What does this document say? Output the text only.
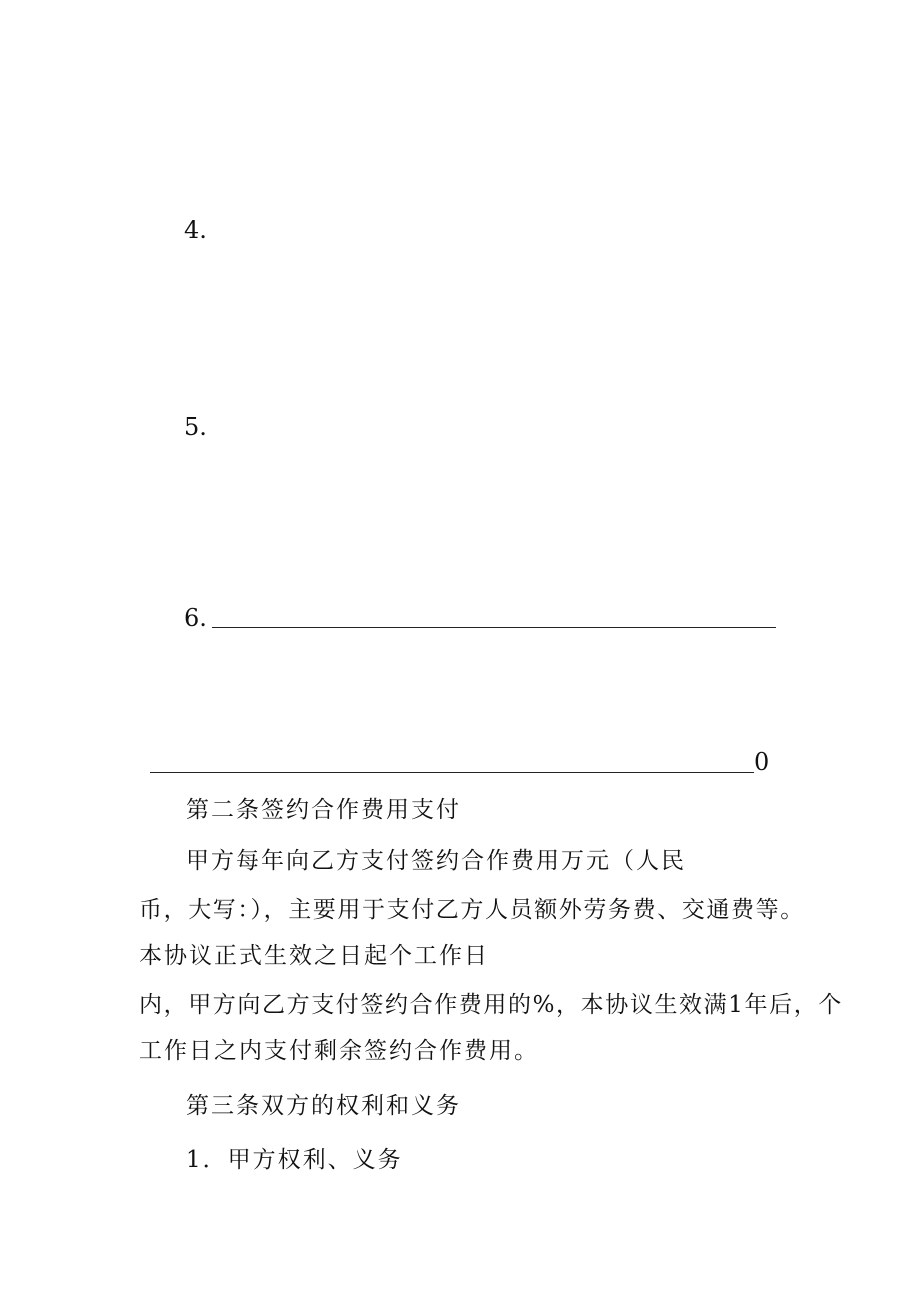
4.
5.
6.
0
第二条签约合作费用支付
甲方每年向乙方支付签约合作费用万元（人民
币，大写：），主要用于支付乙方人员额外劳务费、交通费等。
本协议正式生效之日起个工作日
内，甲方向乙方支付签约合作费用的%，本协议生效满1年后，个
工作日之内支付剩余签约合作费用。
第三条双方的权利和义务
1．甲方权利、义务
